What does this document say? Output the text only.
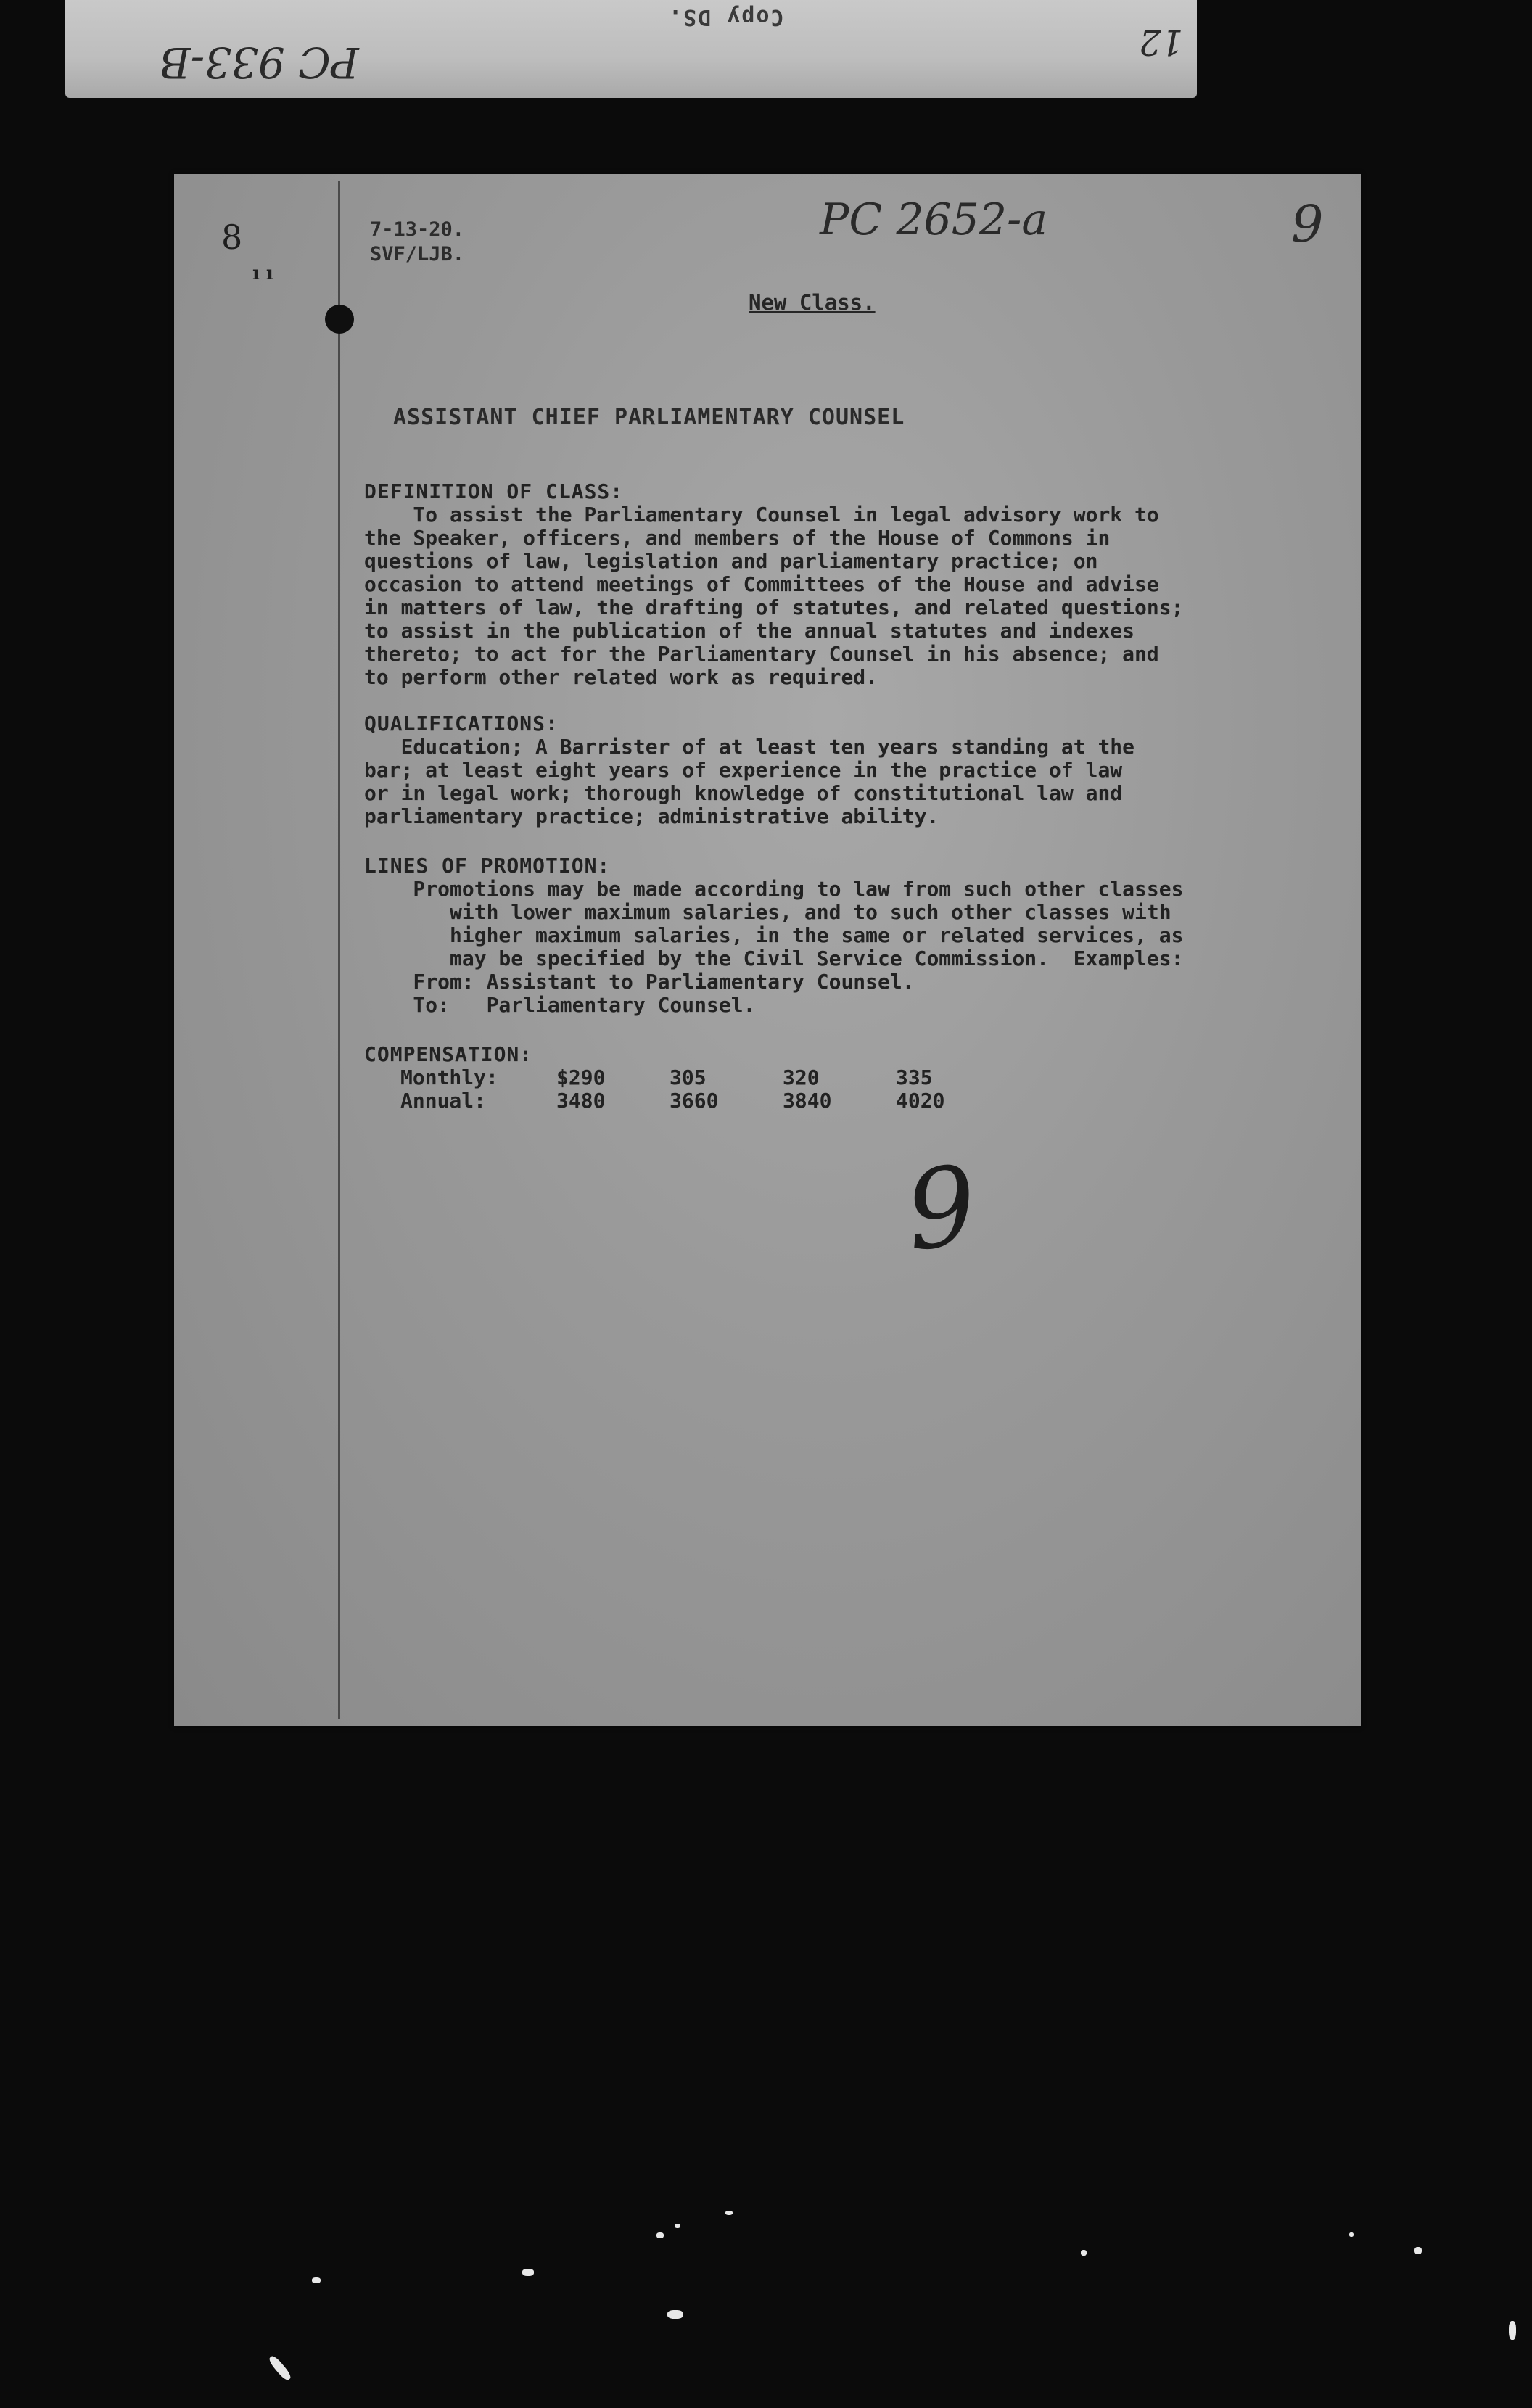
Copy DS.
PC 933-B	12
8
ı ı
PC 2652-a	9
7-13-20.
SVF/LJB.
New Class.
ASSISTANT CHIEF PARLIAMENTARY COUNSEL
DEFINITION OF CLASS:
To assist the Parliamentary Counsel in legal advisory work to
the Speaker, officers, and members of the House of Commons in
questions of law, legislation and parliamentary practice; on
occasion to attend meetings of Committees of the House and advise
in matters of law, the drafting of statutes, and related questions;
to assist in the publication of the annual statutes and indexes
thereto; to act for the Parliamentary Counsel in his absence; and
to perform other related work as required.
QUALIFICATIONS:
Education; A Barrister of at least ten years standing at the
bar; at least eight years of experience in the practice of law
or in legal work; thorough knowledge of constitutional law and
parliamentary practice; administrative ability.
LINES OF PROMOTION:
Promotions may be made according to law from such other classes
with lower maximum salaries, and to such other classes with
higher maximum salaries, in the same or related services, as
may be specified by the Civil Service Commission.  Examples:
From: Assistant to Parliamentary Counsel.
To:   Parliamentary Counsel.
COMPENSATION:
Monthly:	$290	305	320	335
Annual:	3480	3660	3840	4020
9
